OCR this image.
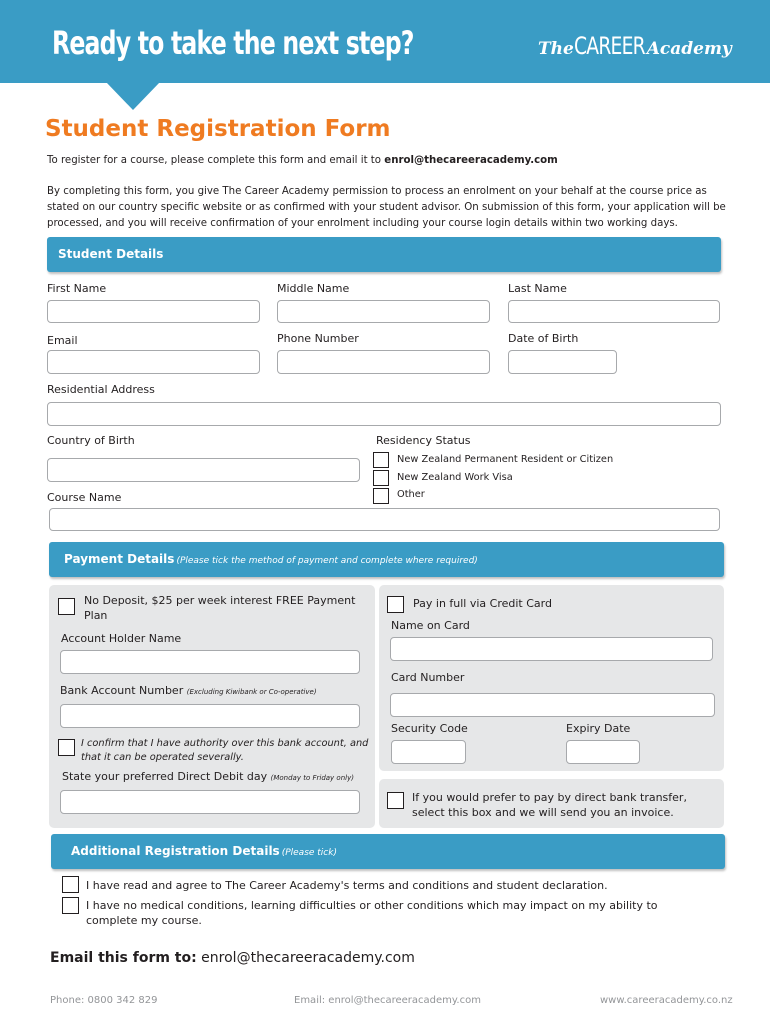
Ready to take the next step?	TheCAREER Academy
Student Registration Form
To register for a course, please complete this form and email it to enrol@thecareeracademy.com
By completing this form, you give The Career Academy permission to process an enrolment on your behalf at the course price as stated on our country specific website or as confirmed with your student advisor. On submission of this form, your application will be processed, and you will receive confirmation of your enrolment including your course login details within two working days.
Student Details
First Name	Middle Name	Last Name
Email	Phone Number	Date of Birth
Residential Address
Country of Birth	Residency Status
New Zealand Permanent Resident or Citizen
New Zealand Work Visa
Other
Course Name
Payment Details (Please tick the method of payment and complete where required)
No Deposit, $25 per week interest FREE Payment
Plan
Account Holder Name
Bank Account Number (Excluding Kiwibank or Co-operative)
I confirm that I have authority over this bank account, and
that it can be operated severally.
State your preferred Direct Debit day (Monday to Friday only)
Pay in full via Credit Card
Name on Card
Card Number
Security Code	Expiry Date
If you would prefer to pay by direct bank transfer,
select this box and we will send you an invoice.
Additional Registration Details (Please tick)
I have read and agree to The Career Academy's terms and conditions and student declaration.
I have no medical conditions, learning difficulties or other conditions which may impact on my ability to
complete my course.
Email this form to: enrol@thecareeracademy.com
Phone: 0800 342 829	Email: enrol@thecareeracademy.com	www.careeracademy.co.nz
